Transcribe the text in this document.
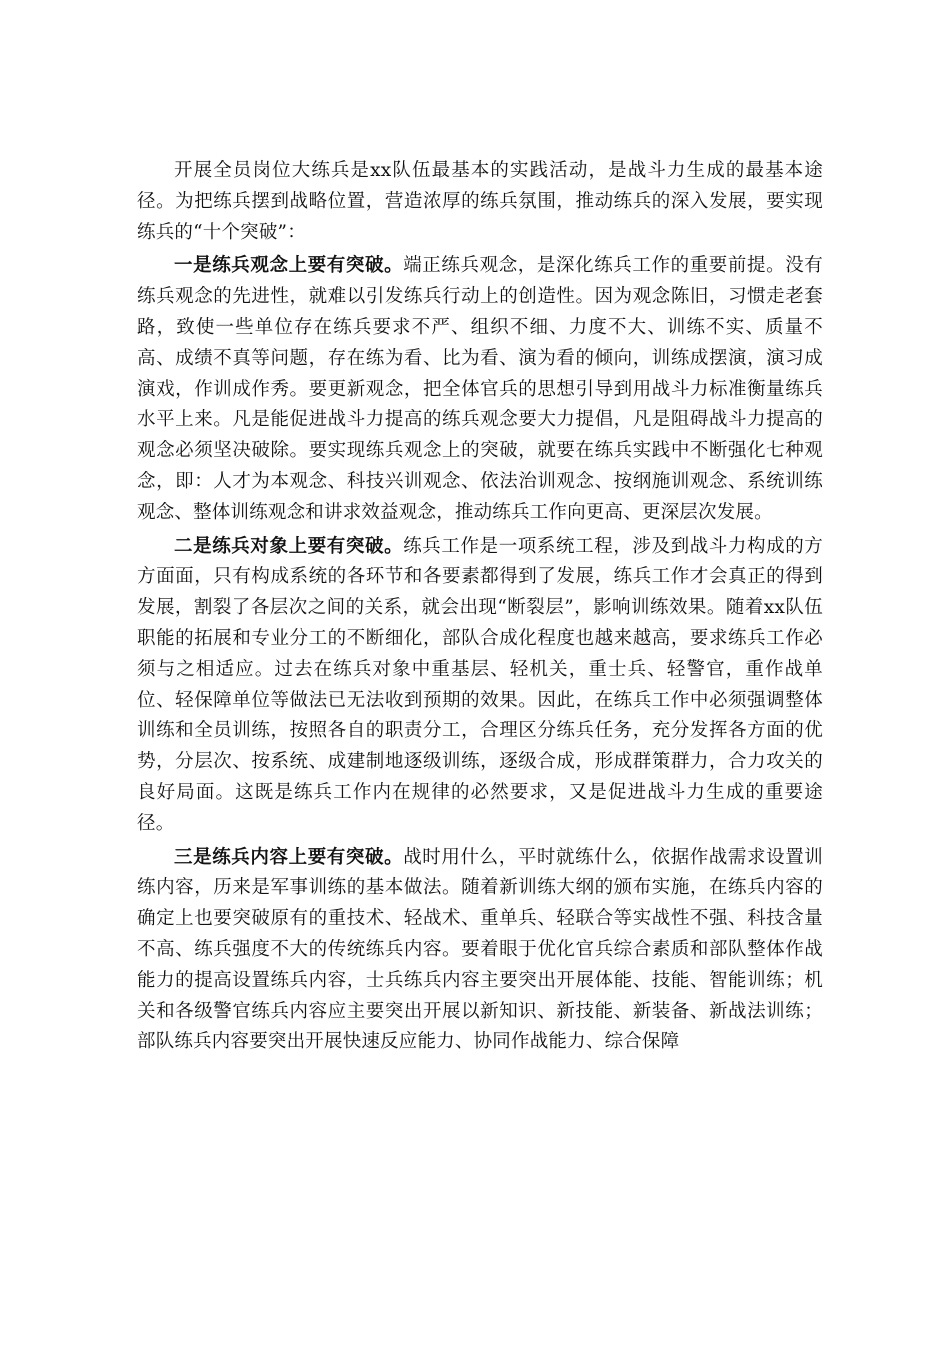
开展全员岗位大练兵是xx队伍最基本的实践活动，是战斗力生成的最基本途径。为把练兵摆到战略位置，营造浓厚的练兵氛围，推动练兵的深入发展，要实现练兵的“十个突破”：

一是练兵观念上要有突破。端正练兵观念，是深化练兵工作的重要前提。没有练兵观念的先进性，就难以引发练兵行动上的创造性。因为观念陈旧，习惯走老套路，致使一些单位存在练兵要求不严、组织不细、力度不大、训练不实、质量不高、成绩不真等问题，存在练为看、比为看、演为看的倾向，训练成摆演，演习成演戏，作训成作秀。要更新观念，把全体官兵的思想引导到用战斗力标准衡量练兵水平上来。凡是能促进战斗力提高的练兵观念要大力提倡，凡是阻碍战斗力提高的观念必须坚决破除。要实现练兵观念上的突破，就要在练兵实践中不断强化七种观念，即：人才为本观念、科技兴训观念、依法治训观念、按纲施训观念、系统训练观念、整体训练观念和讲求效益观念，推动练兵工作向更高、更深层次发展。

二是练兵对象上要有突破。练兵工作是一项系统工程，涉及到战斗力构成的方方面面，只有构成系统的各环节和各要素都得到了发展，练兵工作才会真正的得到发展，割裂了各层次之间的关系，就会出现“断裂层”，影响训练效果。随着xx队伍职能的拓展和专业分工的不断细化，部队合成化程度也越来越高，要求练兵工作必须与之相适应。过去在练兵对象中重基层、轻机关，重士兵、轻警官，重作战单位、轻保障单位等做法已无法收到预期的效果。因此，在练兵工作中必须强调整体训练和全员训练，按照各自的职责分工，合理区分练兵任务，充分发挥各方面的优势，分层次、按系统、成建制地逐级训练，逐级合成，形成群策群力，合力攻关的良好局面。这既是练兵工作内在规律的必然要求，又是促进战斗力生成的重要途径。

三是练兵内容上要有突破。战时用什么，平时就练什么，依据作战需求设置训练内容，历来是军事训练的基本做法。随着新训练大纲的颁布实施，在练兵内容的确定上也要突破原有的重技术、轻战术、重单兵、轻联合等实战性不强、科技含量不高、练兵强度不大的传统练兵内容。要着眼于优化官兵综合素质和部队整体作战能力的提高设置练兵内容，士兵练兵内容主要突出开展体能、技能、智能训练；机关和各级警官练兵内容应主要突出开展以新知识、新技能、新装备、新战法训练；部队练兵内容要突出开展快速反应能力、协同作战能力、综合保障
